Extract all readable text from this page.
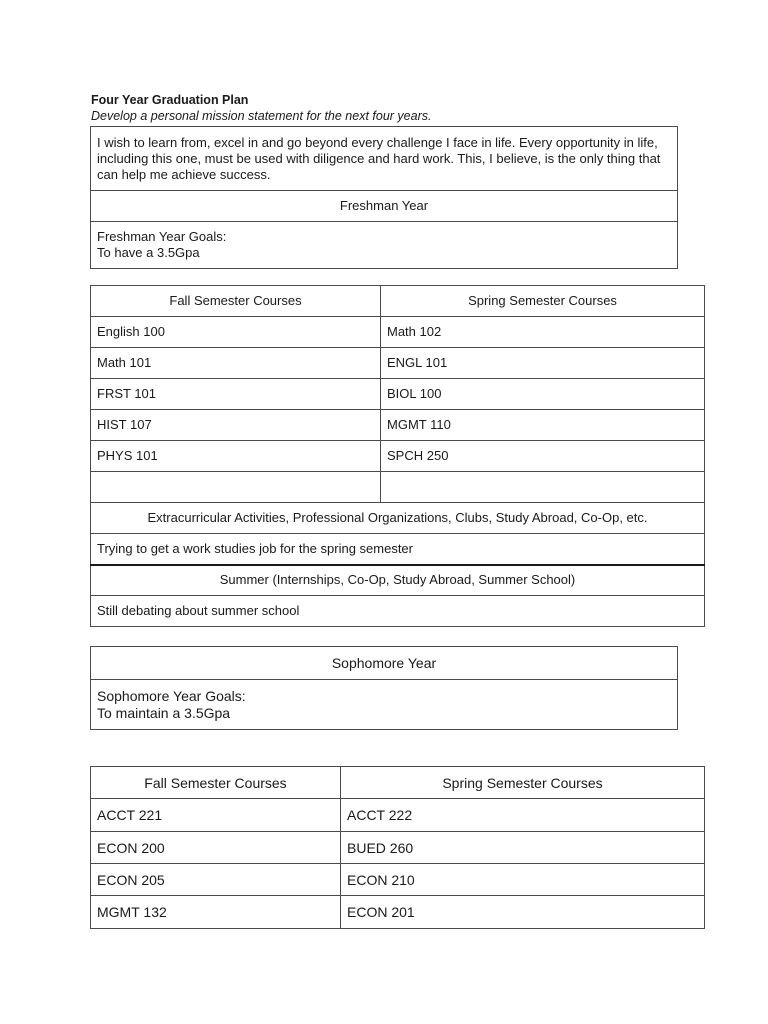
Four Year Graduation Plan

Develop a personal mission statement for the next four years.

I wish to learn from, excel in and go beyond every challenge I face in life. Every opportunity in life, including this one, must be used with diligence and hard work. This, I believe, is the only thing that can help me achieve success.

Freshman Year

Freshman Year Goals:
To have a 3.5Gpa
Fall Semester Courses	Spring Semester Courses
English 100	Math 102
Math 101	ENGL 101
FRST 101	BIOL 100
HIST 107	MGMT 110
PHYS 101	SPCH 250

Extracurricular Activities, Professional Organizations, Clubs, Study Abroad, Co-Op, etc.	
Trying to get a work studies job for the spring semester	
Summer (Internships, Co-Op, Study Abroad, Summer School)	
Still debating about summer school	
Sophomore Year

Sophomore Year Goals:
To maintain a 3.5Gpa
Fall Semester Courses	Spring Semester Courses
ACCT 221	ACCT 222
ECON 200	BUED 260
ECON 205	ECON 210
MGMT 132	ECON 201
